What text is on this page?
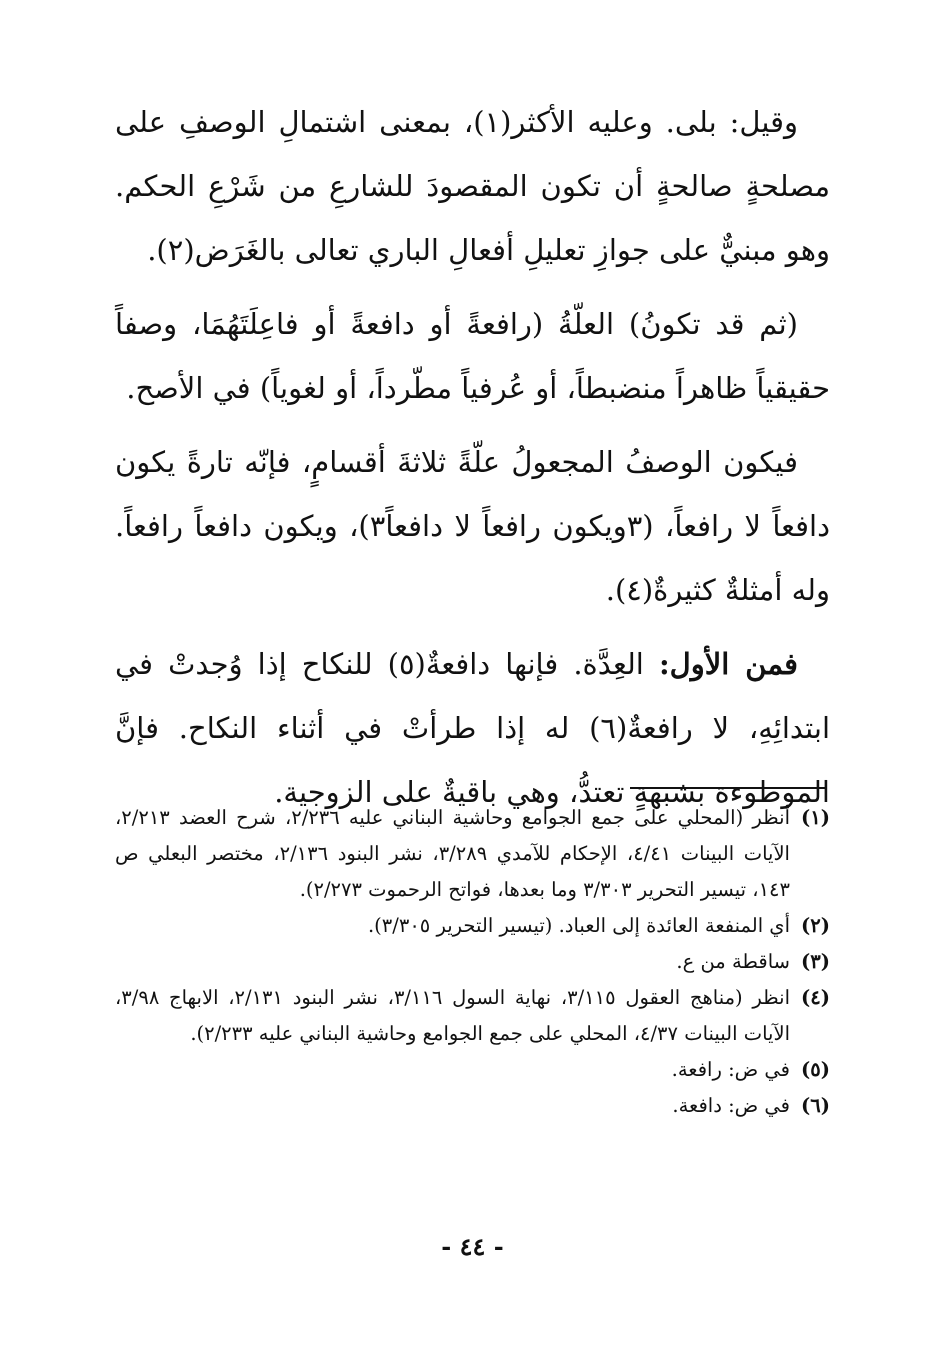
وقيل: بلى. وعليه الأكثر(١)، بمعنى اشتمالِ الوصفِ على مصلحةٍ صالحةٍ أن تكون المقصودَ للشارعِ من شَرْعِ الحكم. وهو مبنيٌّ على جوازِ تعليلِ أفعالِ الباري تعالى بالغَرَض(٢).

(ثم قد تكونُ) العلّةُ (رافعةً أو دافعةً أو فاعِلَتَهُمَا، وصفاً حقيقياً ظاهراً منضبطاً، أو عُرفياً مطّرداً، أو لغوياً) في الأصح.

فيكون الوصفُ المجعولُ علّةً ثلاثةَ أقسامٍ، فإنّه تارةً يكون دافعاً لا رافعاً، (٣ويكون رافعاً لا دافعاً٣)، ويكون دافعاً رافعاً. وله أمثلةٌ كثيرةٌ(٤).

فمن الأول: العِدَّة. فإنها دافعةٌ(٥) للنكاح إذا وُجدتْ في ابتدائِهِ، لا رافعةٌ(٦) له إذا طرأتْ في أثناء النكاح. فإنَّ الموطوءة بشبهةٍ تعتدُّ، وهي باقيةٌ على الزوجية.

(١)
أنظر (المحلي على جمع الجوامع وحاشية البناني عليه ٢/٢٣٦، شرح العضد ٢/٢١٣، الآيات البينات ٤/٤١، الإحكام للآمدي ٣/٢٨٩، نشر البنود ٢/١٣٦، مختصر البعلي ص ١٤٣، تيسير التحرير ٣/٣٠٣ وما بعدها، فواتح الرحموت ٢/٢٧٣).
(٢)
أي المنفعة العائدة إلى العباد. (تيسير التحرير ٣/٣٠٥).
(٣)
ساقطة من ع.
(٤)
انظر (مناهج العقول ٣/١١٥، نهاية السول ٣/١١٦، نشر البنود ٢/١٣١، الابهاج ٣/٩٨، الآيات البينات ٤/٣٧، المحلي على جمع الجوامع وحاشية البناني عليه ٢/٢٣٣).
(٥)
في ض: رافعة.
(٦)
في ض: دافعة.
- ٤٤ -
